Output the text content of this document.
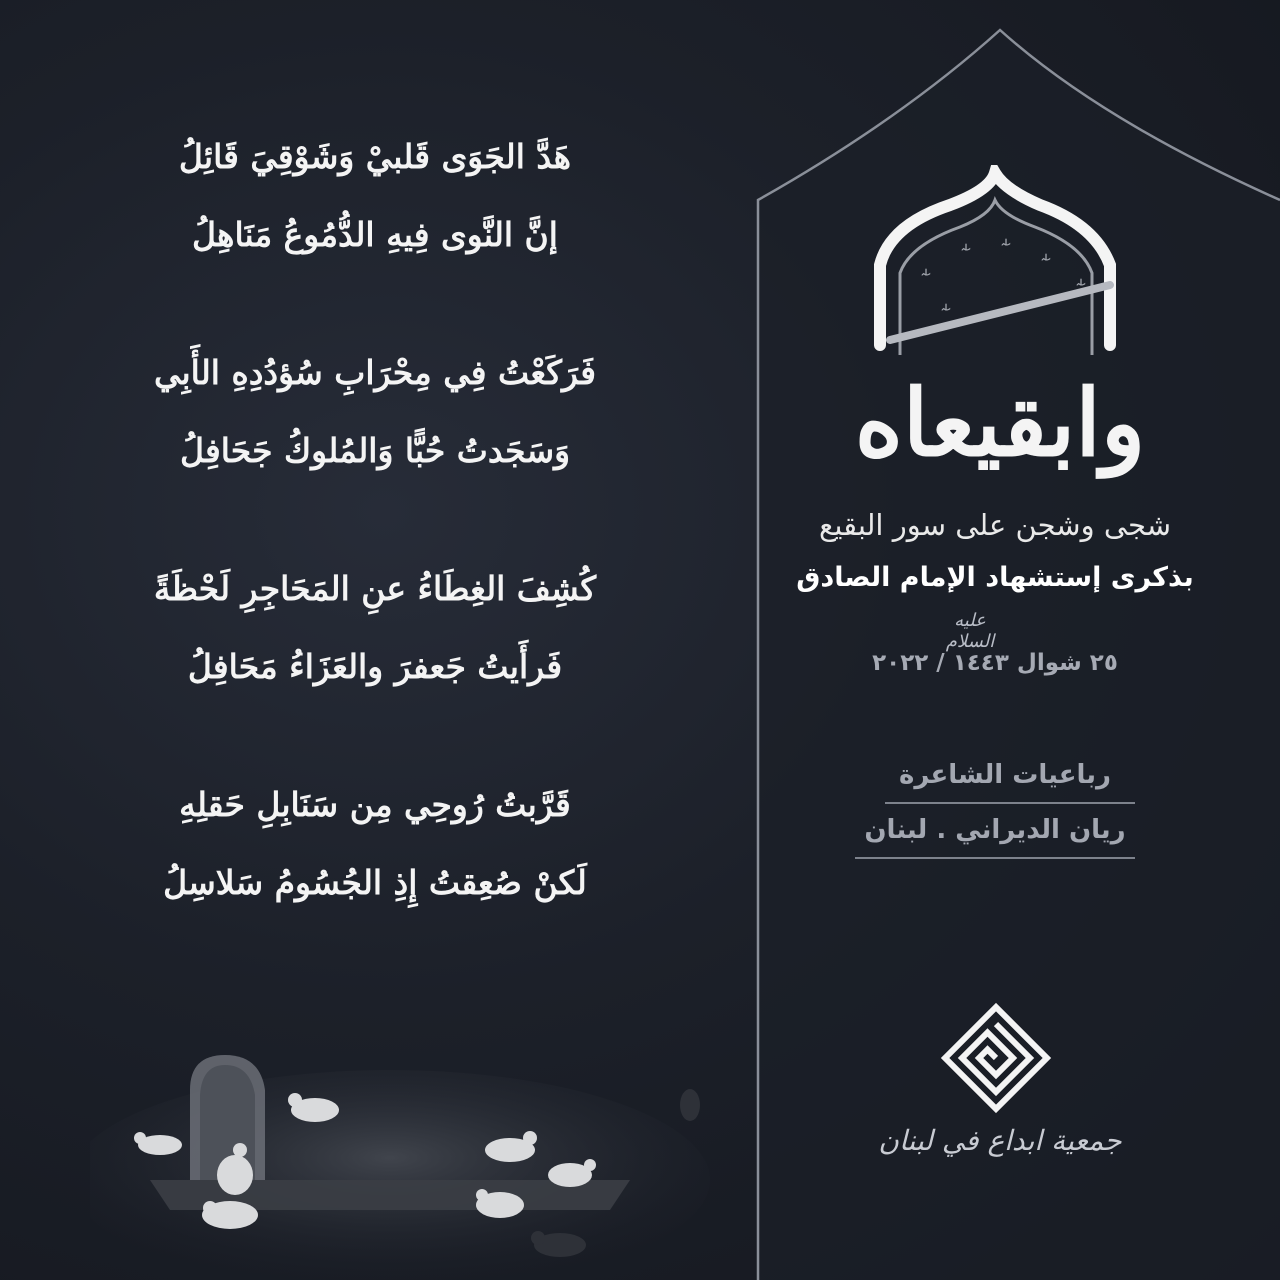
هَدَّ الجَوَى قَلبيْ وَشَوْقِيَ قَائِلُ
إنَّ النَّوى فِيهِ الدُّمُوعُ مَنَاهِلُ
فَرَكَعْتُ فِي مِحْرَابِ سُؤدُدِهِ الأَبِي
وَسَجَدتُ حُبًّا وَالمُلوكُ جَحَافِلُ
كُشِفَ الغِطَاءُ عنِ المَحَاجِرِ لَحْظَةً
فَرأَيتُ جَعفرَ والعَزَاءُ مَحَافِلُ
قَرَّبتُ رُوحِي مِن سَنَابِلِ حَقلِهِ
لَكنْ صُعِقتُ إِذِ الجُسُومُ سَلاسِلُ
وابقيعاه
شجى وشجن على سور البقيع
بذكرى إستشهاد الإمام الصادق
عليه السلام
٢٥ شوال ١٤٤٣ / ٢٠٢٢
رباعيات الشاعرة
ريان الديراني . لبنان
جمعية ابداع في لبنان
